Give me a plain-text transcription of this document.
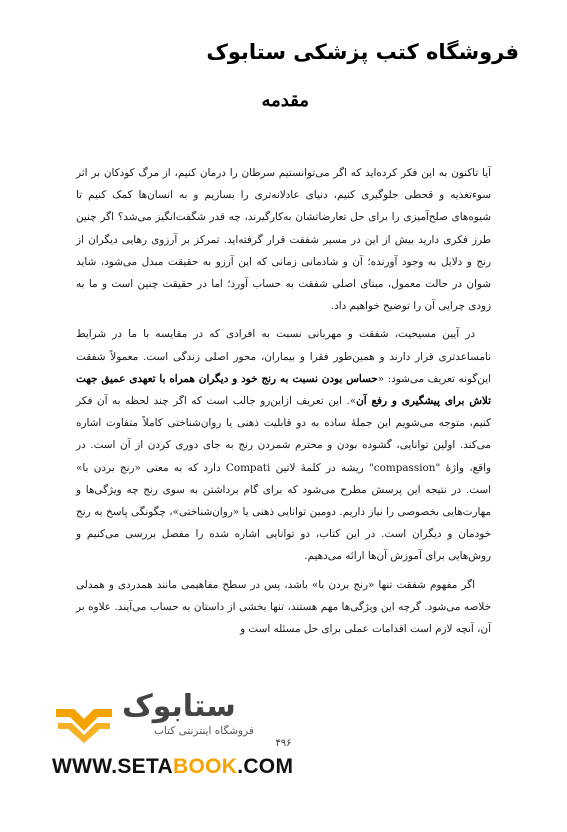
فروشگاه کتب پزشکی ستابوک
مقدمه

آیا تاکنون به این فکر کرده‌اید که اگر می‌توانستیم سرطان را درمان کنیم، از مرگ کودکان بر اثر سوءتغذیه و قحطی جلوگیری کنیم، دنیای عادلانه‌تری را بسازیم و به انسان‌ها کمک کنیم تا شیوه‌های صلح‌آمیزی را برای حل تعارضاتشان به‌کارگیرند، چه قدر شگفت‌انگیز می‌شد؟ اگر چنین طرز فکری دارید بیش از این در مسیر شفقت قرار گرفته‌اید. تمرکز بر آرزوی رهایی دیگران از رنج و دلایل به وجود آورنده؛ آن و شادمانی زمانی که این آرزو به حقیقت مبدل می‌شود، شاید شوان در حالت معمول، مبنای اصلی شفقت به حساب آورد؛ اما در حقیقت چنین است و ما به زودی چرایی آن را توضیح خواهیم داد.

در آیین مسیحیت، شفقت و مهربانی نسبت به افرادی که در مقایسه با ما در شرایط نامساعدتری قرار دارند و همین‌طور فقرا و بیماران، محور اصلی زندگی است. معمولاً شفقت این‌گونه تعریف می‌شود: «حساس بودن نسبت به رنج خود و دیگران همراه با تعهدی عمیق جهت تلاش برای پیشگیری و رفع آن». این تعریف ازاین‌رو جالب است که اگر چند لحظه به آن فکر کنیم، متوجه می‌شویم این جملهٔ ساده به دو قابلیت ذهنی یا روان‌شناختی کاملاً متفاوت اشاره می‌کند. اولین توانایی، گشوده بودن و محترم شمردن رنج به جای دوری کردن از آن است. در واقع، واژهٔ "compassion" ریشه در کلمهٔ لاتین Compati دارد که به معنی «رنج بردن با» است. در نتیجه این پرسش مطرح می‌شود که برای گام برداشتن به سوی رنج چه ویژگی‌ها و مهارت‌هایی بخصوصی را نیاز داریم. دومین توانایی ذهنی یا «روان‌شناختی»، چگونگی پاسخ به رنج خودمان و دیگران است. در این کتاب، دو توانایی اشاره شده را مفصل بررسی می‌کنیم و روش‌هایی برای آموزش آن‌ها ارائه می‌دهیم.

اگر مفهوم شفقت تنها «رنج بردن با» باشد، پس در سطح مفاهیمی مانند همدردی و همدلی خلاصه می‌شود. گرچه این ویژگی‌ها مهم هستند، تنها بخشی از داستان به حساب می‌آیند. علاوه بر آن، آنچه لازم است اقدامات عملی برای حل مسئله است و

۴۹۶
ستابوک
فروشگاه اینترنتی کتاب
WWW.SETABOOK.COM
